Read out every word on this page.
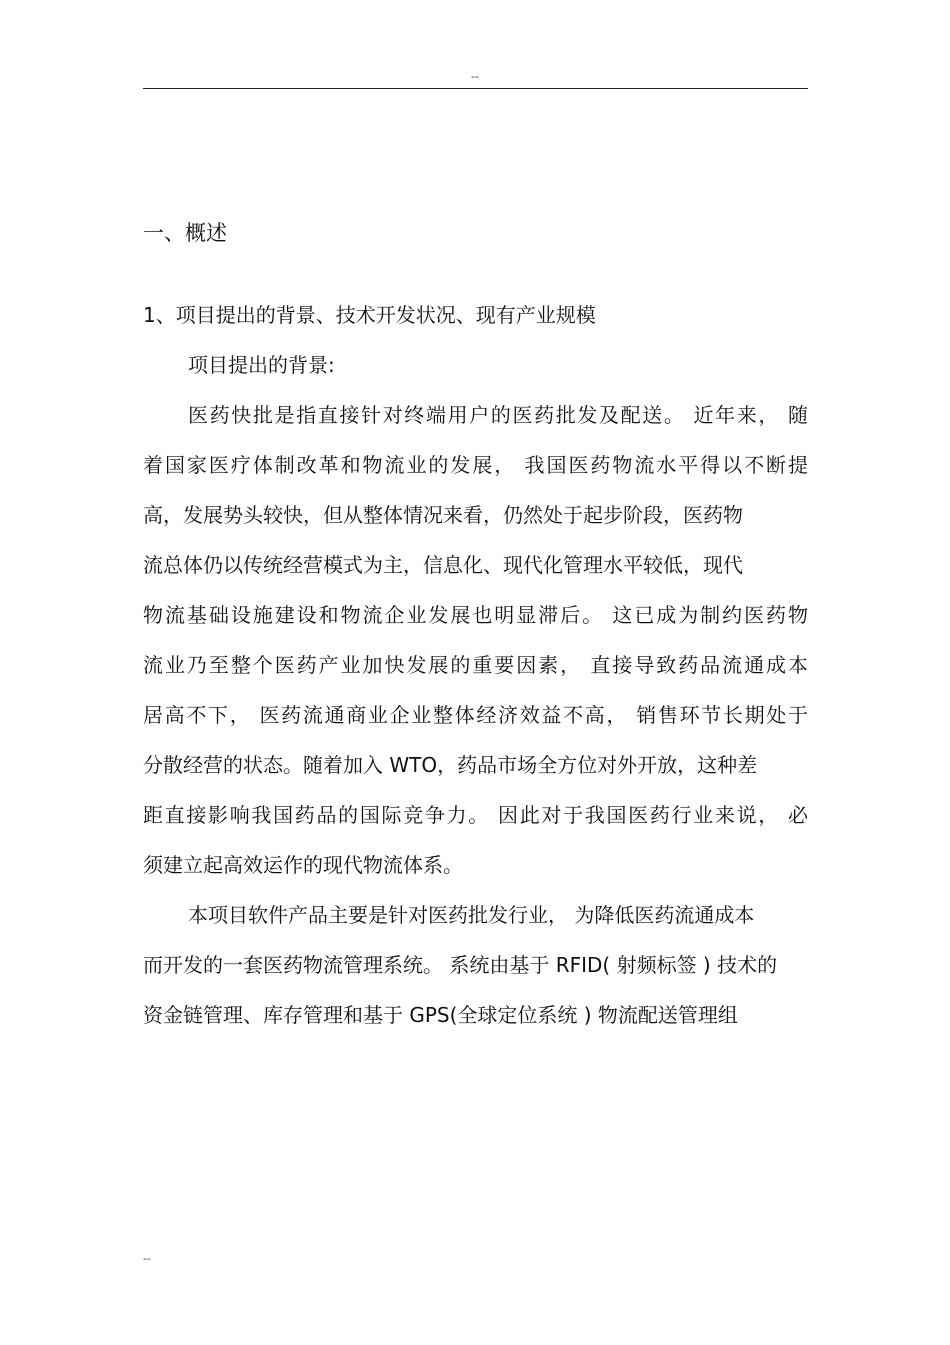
--
一、概述
1、项目提出的背景、技术开发状况、现有产业规模
项目提出的背景:
医药快批是指直接针对终端用户的医药批发及配送。 近年来， 随
着国家医疗体制改革和物流业的发展， 我国医药物流水平得以不断提
高，发展势头较快，但从整体情况来看，仍然处于起步阶段，医药物
流总体仍以传统经营模式为主，信息化、现代化管理水平较低，现代
物流基础设施建设和物流企业发展也明显滞后。 这已成为制约医药物
流业乃至整个医药产业加快发展的重要因素， 直接导致药品流通成本
居高不下， 医药流通商业企业整体经济效益不高， 销售环节长期处于
分散经营的状态。随着加入 WTO，药品市场全方位对外开放，这种差
距直接影响我国药品的国际竞争力。 因此对于我国医药行业来说， 必
须建立起高效运作的现代物流体系。
本项目软件产品主要是针对医药批发行业， 为降低医药流通成本
而开发的一套医药物流管理系统。 系统由基于 RFID( 射频标签 ) 技术的
资金链管理、库存管理和基于 GPS(全球定位系统 ) 物流配送管理组
--
